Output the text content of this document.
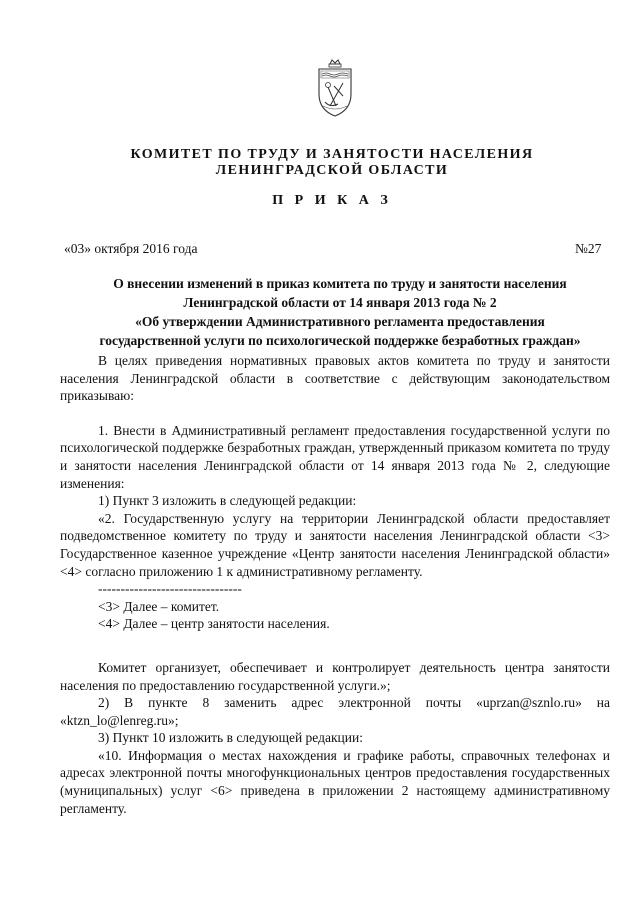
КОМИТЕТ ПО ТРУДУ И ЗАНЯТОСТИ НАСЕЛЕНИЯ
ЛЕНИНГРАДСКОЙ ОБЛАСТИ
П Р И К А З
«03» октября 2016 года	№27
О внесении изменений в приказ комитета по труду и занятости населения
Ленинградской области от 14 января 2013 года № 2
«Об утверждении Административного регламента предоставления
государственной услуги по психологической поддержке безработных граждан»

В целях приведения нормативных правовых актов комитета по труду и занятости населения Ленинградской области в соответствие с действующим законодательством приказываю:

1. Внести в Административный регламент предоставления государственной услуги по психологической поддержке безработных граждан, утвержденный приказом комитета по труду и занятости населения Ленинградской области от 14 января 2013 года № 2, следующие изменения:

1) Пункт 3 изложить в следующей редакции:

«2. Государственную услугу на территории Ленинградской области предоставляет подведомственное комитету по труду и занятости населения Ленинградской области <3> Государственное казенное учреждение «Центр занятости населения Ленинградской области» <4> согласно приложению 1 к административному регламенту.

--------------------------------
<3> Далее – комитет.
<4> Далее – центр занятости населения.

Комитет организует, обеспечивает и контролирует деятельность центра занятости населения по предоставлению государственной услуги.»;

2) В пункте 8 заменить адрес электронной почты «uprzan@sznlo.ru» на «ktzn_lo@lenreg.ru»;

3) Пункт 10 изложить в следующей редакции:

«10. Информация о местах нахождения и графике работы, справочных телефонах и адресах электронной почты многофункциональных центров предоставления государственных (муниципальных) услуг <6> приведена в приложении 2 настоящему административному регламенту.
